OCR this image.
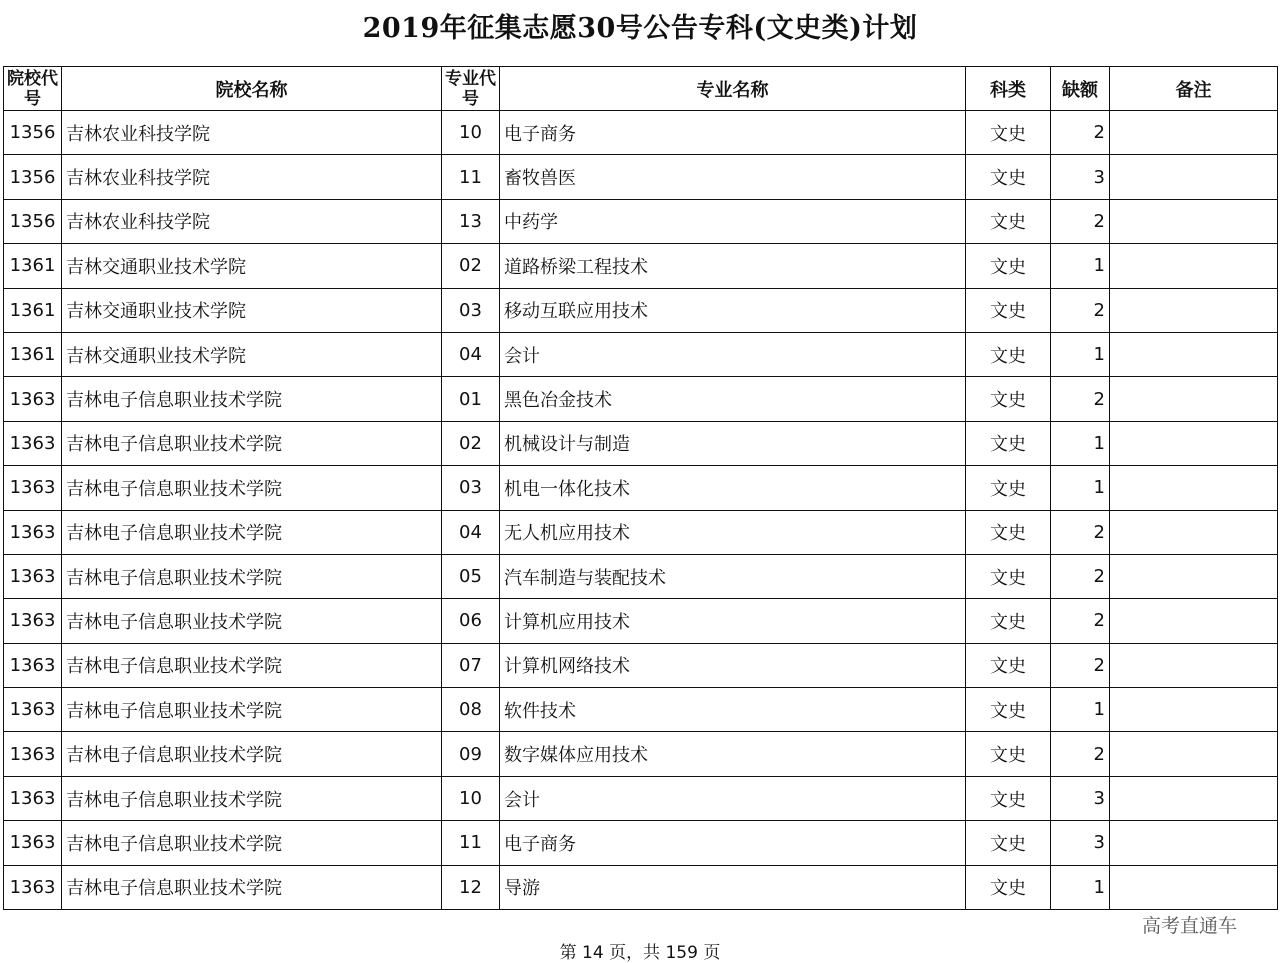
2019年征集志愿30号公告专科(文史类)计划
院校代号	院校名称	专业代号	专业名称	科类	缺额	备注
1356	吉林农业科技学院	10	电子商务	文史	2	
1356	吉林农业科技学院	11	畜牧兽医	文史	3	
1356	吉林农业科技学院	13	中药学	文史	2	
1361	吉林交通职业技术学院	02	道路桥梁工程技术	文史	1	
1361	吉林交通职业技术学院	03	移动互联应用技术	文史	2	
1361	吉林交通职业技术学院	04	会计	文史	1	
1363	吉林电子信息职业技术学院	01	黑色冶金技术	文史	2	
1363	吉林电子信息职业技术学院	02	机械设计与制造	文史	1	
1363	吉林电子信息职业技术学院	03	机电一体化技术	文史	1	
1363	吉林电子信息职业技术学院	04	无人机应用技术	文史	2	
1363	吉林电子信息职业技术学院	05	汽车制造与装配技术	文史	2	
1363	吉林电子信息职业技术学院	06	计算机应用技术	文史	2	
1363	吉林电子信息职业技术学院	07	计算机网络技术	文史	2	
1363	吉林电子信息职业技术学院	08	软件技术	文史	1	
1363	吉林电子信息职业技术学院	09	数字媒体应用技术	文史	2	
1363	吉林电子信息职业技术学院	10	会计	文史	3	
1363	吉林电子信息职业技术学院	11	电子商务	文史	3	
1363	吉林电子信息职业技术学院	12	导游	文史	1	
高考直通车
第 14 页，共 159 页
